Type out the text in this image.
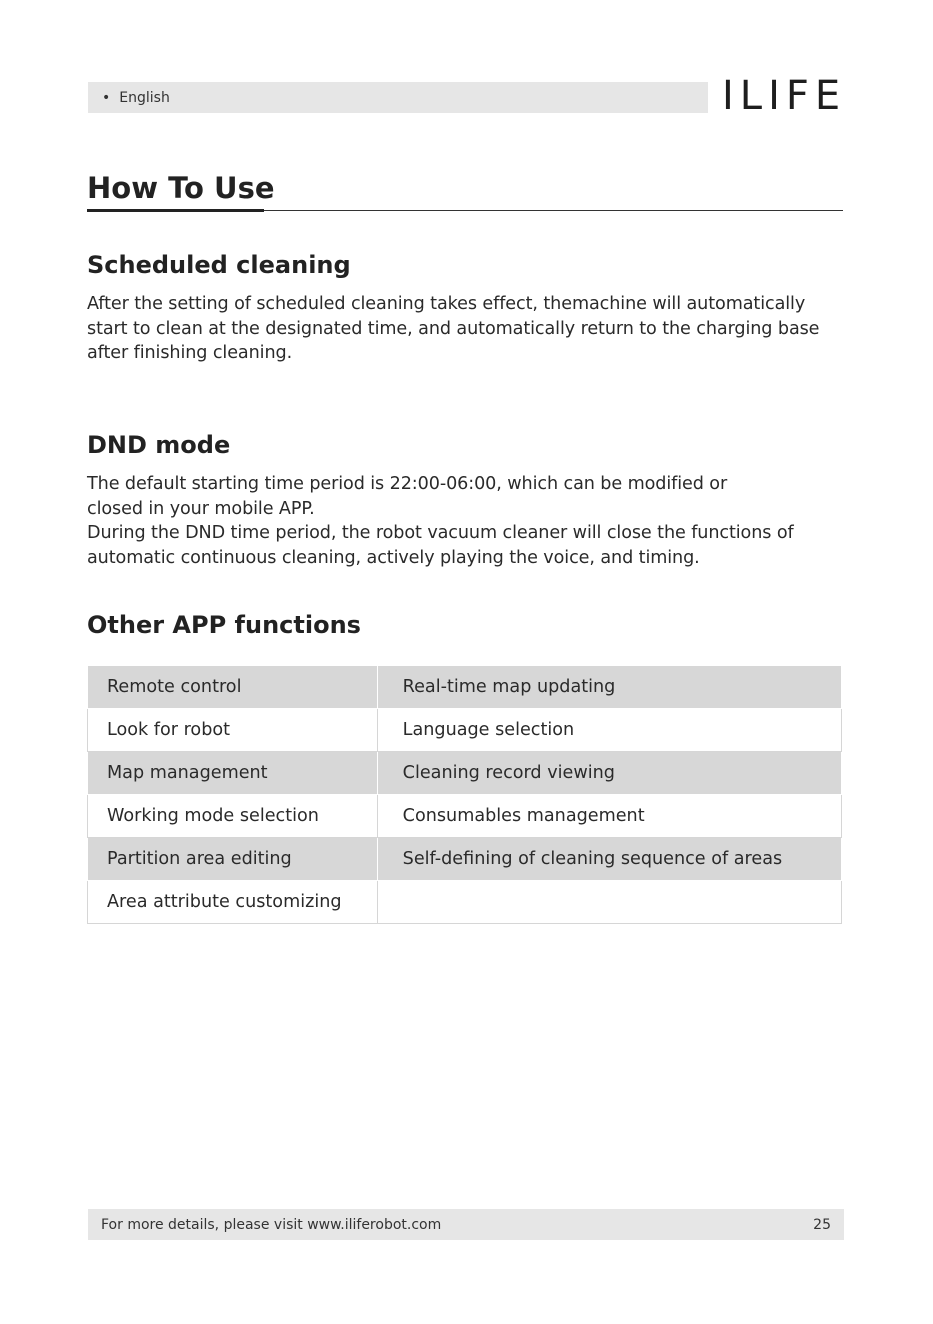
• English	ILIFE
How To Use
Scheduled cleaning

After the setting of scheduled cleaning takes effect, themachine will automatically start to clean at the designated time, and automatically return to the charging base after finishing cleaning.

DND mode

The default starting time period is 22:00-06:00, which can be modified or closed in your mobile APP.

During the DND time period, the robot vacuum cleaner will close the functions of automatic continuous cleaning, actively playing the voice, and timing.

Other APP functions
Remote control	Real-time map updating
Look for robot	Language selection
Map management	Cleaning record viewing
Working mode selection	Consumables management
Partition area editing	Self-defining of cleaning sequence of areas
Area attribute customizing	
For more details, please visit www.iliferobot.com	25
